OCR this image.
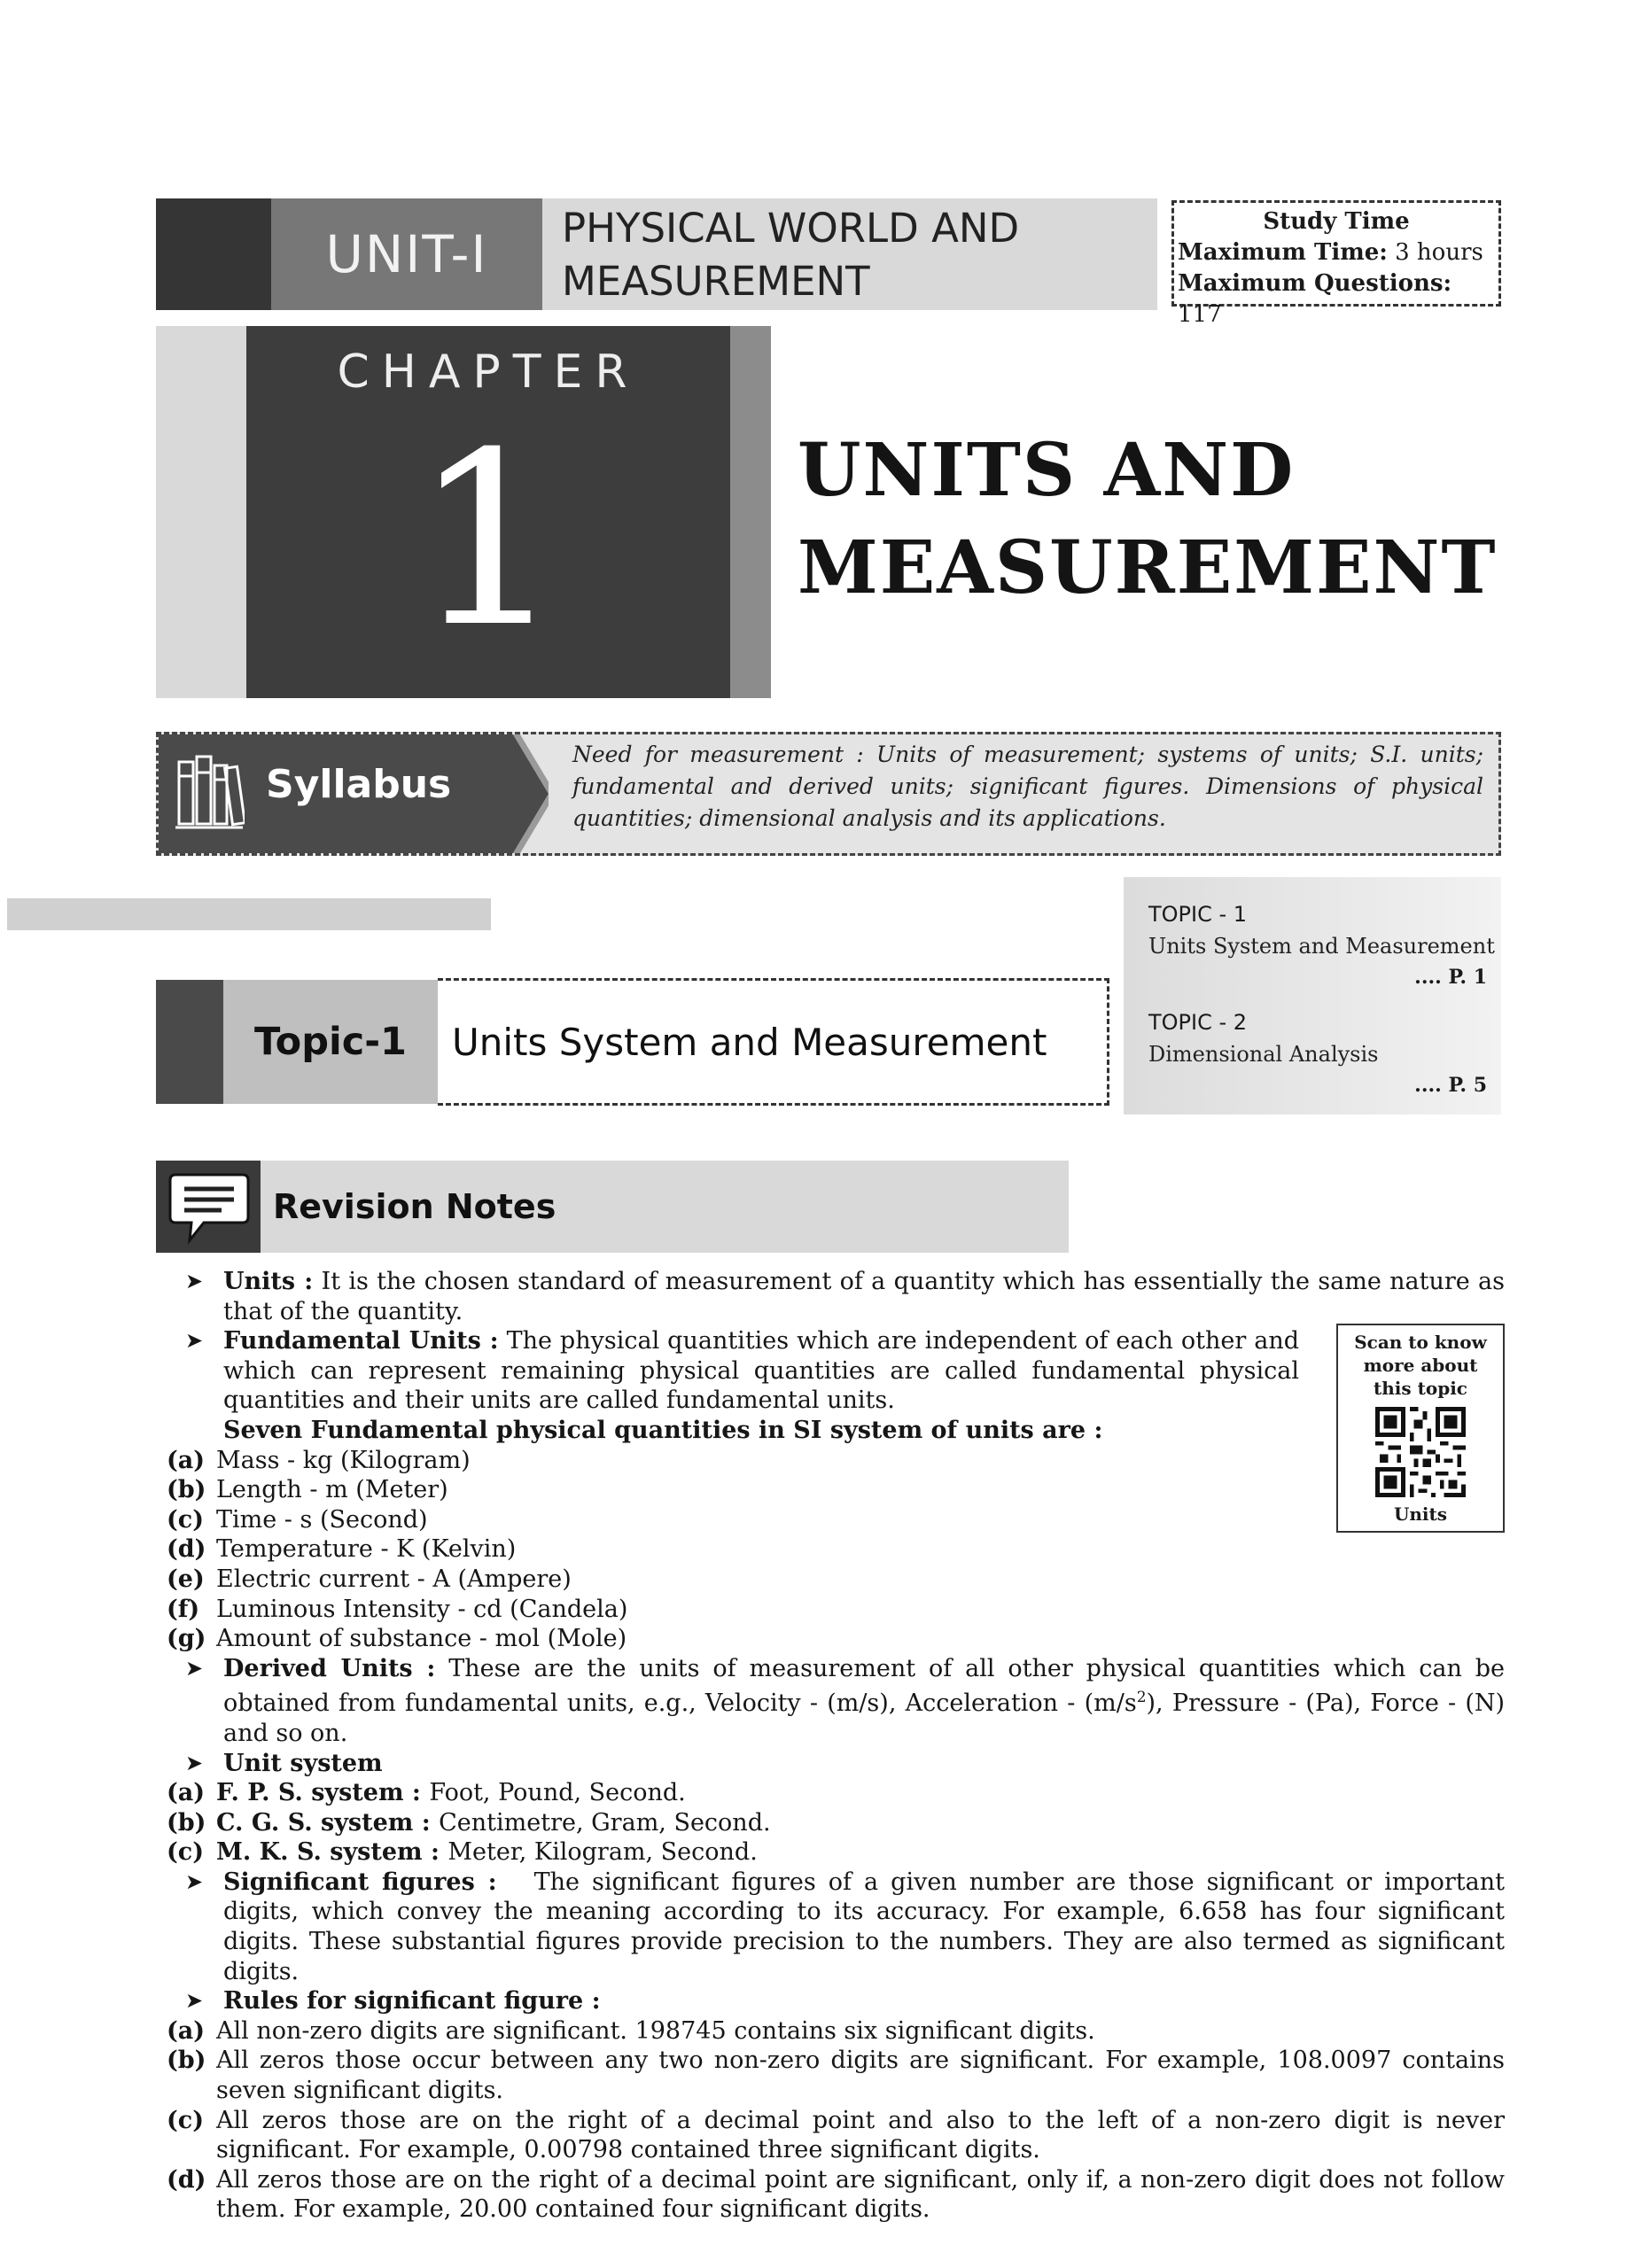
UNIT-I	PHYSICAL WORLD AND
MEASUREMENT
Study Time
Maximum Time: 3 hours
Maximum Questions: 117
CHAPTER
1	UNITS AND
MEASUREMENT
Syllabus
Need for measurement : Units of measurement; systems of units; S.I. units; fundamental and derived units; significant figures. Dimensions of physical quantities; dimensional analysis and its applications.
TOPIC - 1
Units System and Measurement
.... P. 1
TOPIC - 2
Dimensional Analysis
.... P. 5
Topic-1	Units System and Measurement
Revision Notes
Scan to know
more about
this topic
Units
➤ Units : It is the chosen standard of measurement of a quantity which has essentially the same nature as that of the quantity.
➤ Fundamental Units : The physical quantities which are independent of each other and which can represent remaining physical quantities are called fundamental physical quantities and their units are called fundamental units.
Seven Fundamental physical quantities in SI system of units are :
(a) Mass - kg (Kilogram)
(b) Length - m (Meter)
(c) Time - s (Second)
(d) Temperature - K (Kelvin)
(e) Electric current - A (Ampere)
(f) Luminous Intensity - cd (Candela)
(g) Amount of substance - mol (Mole)
➤ Derived Units : These are the units of measurement of all other physical quantities which can be obtained from fundamental units, e.g., Velocity - (m/s), Acceleration - $(m/s^2)$, Pressure - (Pa), Force - (N) and so on.
➤ Unit system
(a) F. P. S. system : Foot, Pound, Second.
(b) C. G. S. system : Centimetre, Gram, Second.
(c) M. K. S. system : Meter, Kilogram, Second.
➤ Significant figures : The significant figures of a given number are those significant or important digits, which convey the meaning according to its accuracy. For example, 6.658 has four significant digits. These substantial figures provide precision to the numbers. They are also termed as significant digits.
➤ Rules for significant figure :
(a) All non-zero digits are significant. 198745 contains six significant digits.
(b) All zeros those occur between any two non-zero digits are significant. For example, 108.0097 contains seven significant digits.
(c) All zeros those are on the right of a decimal point and also to the left of a non-zero digit is never significant. For example, 0.00798 contained three significant digits.
(d) All zeros those are on the right of a decimal point are significant, only if, a non-zero digit does not follow them. For example, 20.00 contained four significant digits.
